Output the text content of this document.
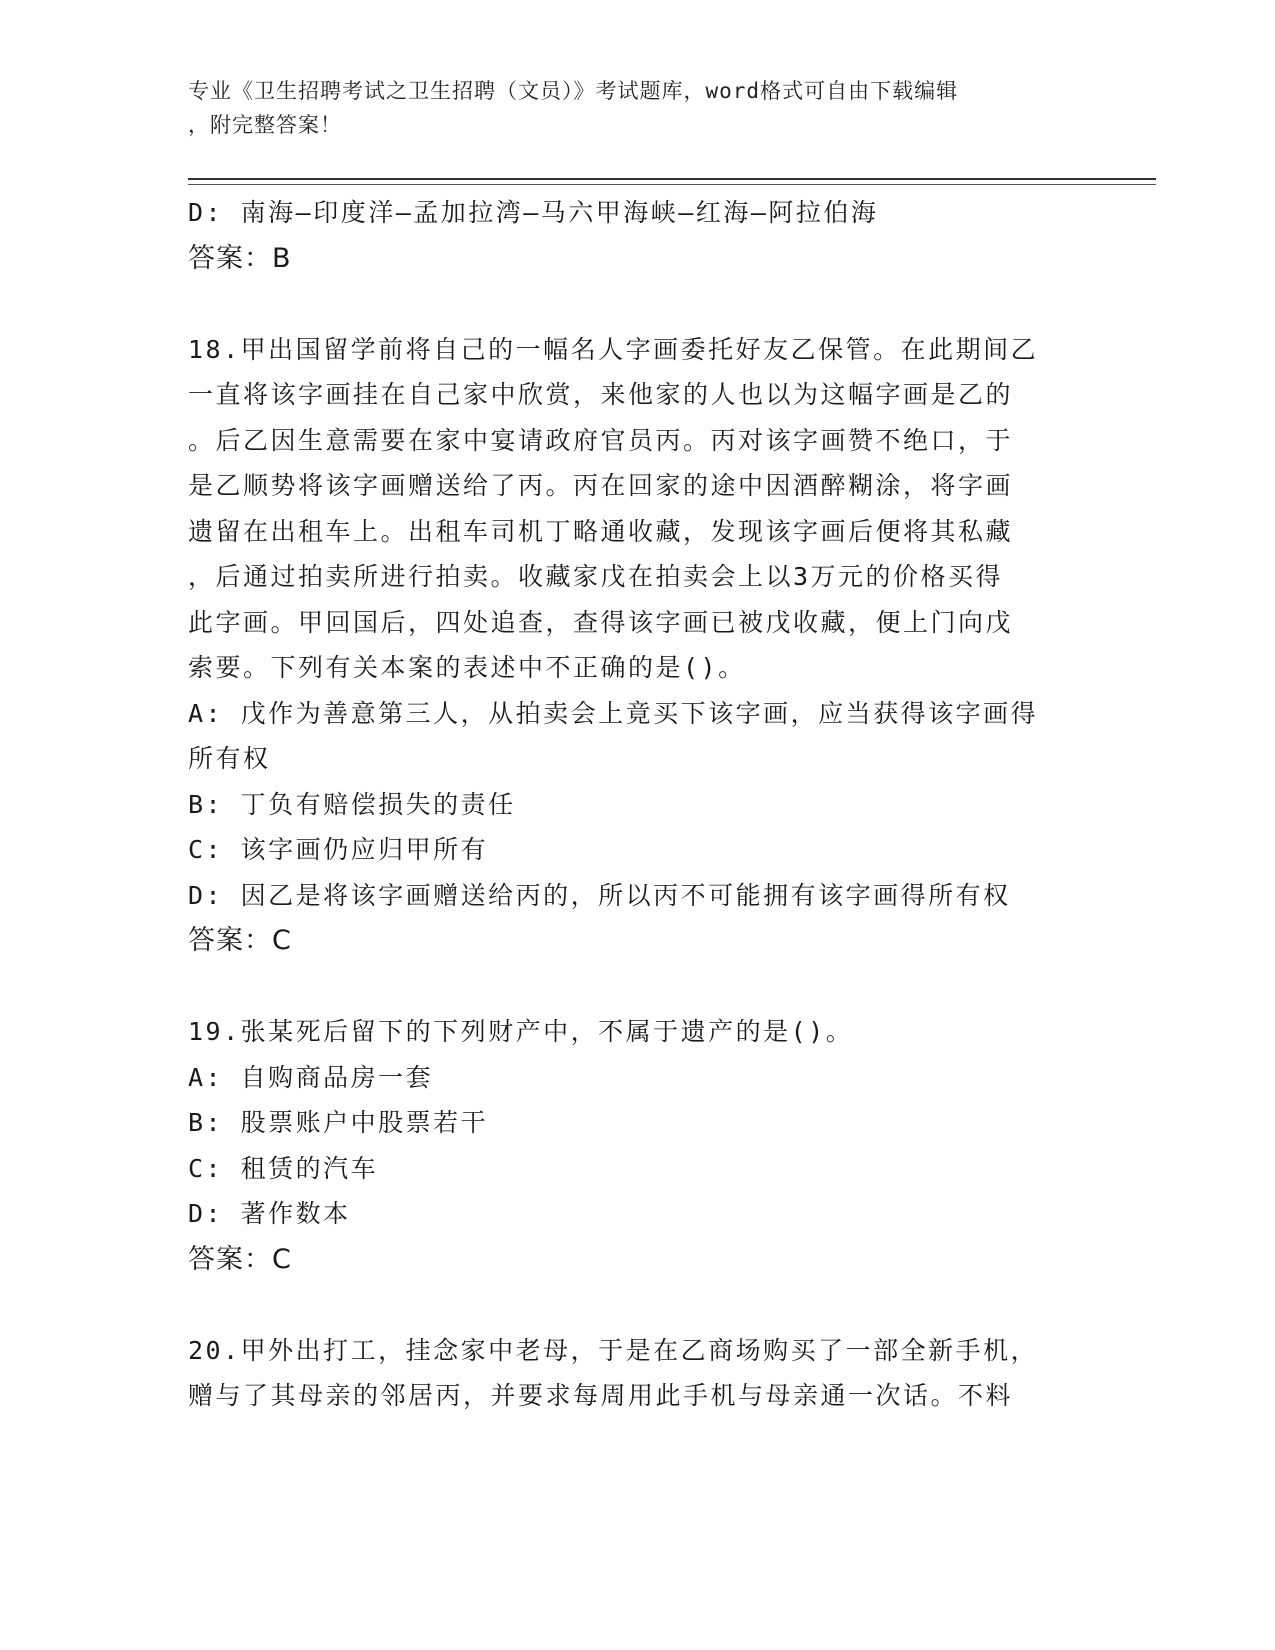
专业《卫生招聘考试之卫生招聘（文员）》考试题库，word格式可自由下载编辑
，附完整答案！
D: 南海—印度洋—孟加拉湾—马六甲海峡—红海—阿拉伯海
答案：B
18.甲出国留学前将自己的一幅名人字画委托好友乙保管。在此期间乙
一直将该字画挂在自己家中欣赏，来他家的人也以为这幅字画是乙的
。后乙因生意需要在家中宴请政府官员丙。丙对该字画赞不绝口，于
是乙顺势将该字画赠送给了丙。丙在回家的途中因酒醉糊涂，将字画
遗留在出租车上。出租车司机丁略通收藏，发现该字画后便将其私藏
，后通过拍卖所进行拍卖。收藏家戊在拍卖会上以3万元的价格买得
此字画。甲回国后，四处追查，查得该字画已被戊收藏，便上门向戊
索要。下列有关本案的表述中不正确的是()。
A: 戊作为善意第三人，从拍卖会上竟买下该字画，应当获得该字画得
所有权
B: 丁负有赔偿损失的责任
C: 该字画仍应归甲所有
D: 因乙是将该字画赠送给丙的，所以丙不可能拥有该字画得所有权
答案：C
19.张某死后留下的下列财产中，不属于遗产的是()。
A: 自购商品房一套
B: 股票账户中股票若干
C: 租赁的汽车
D: 著作数本
答案：C
20.甲外出打工，挂念家中老母，于是在乙商场购买了一部全新手机，
赠与了其母亲的邻居丙，并要求每周用此手机与母亲通一次话。不料
